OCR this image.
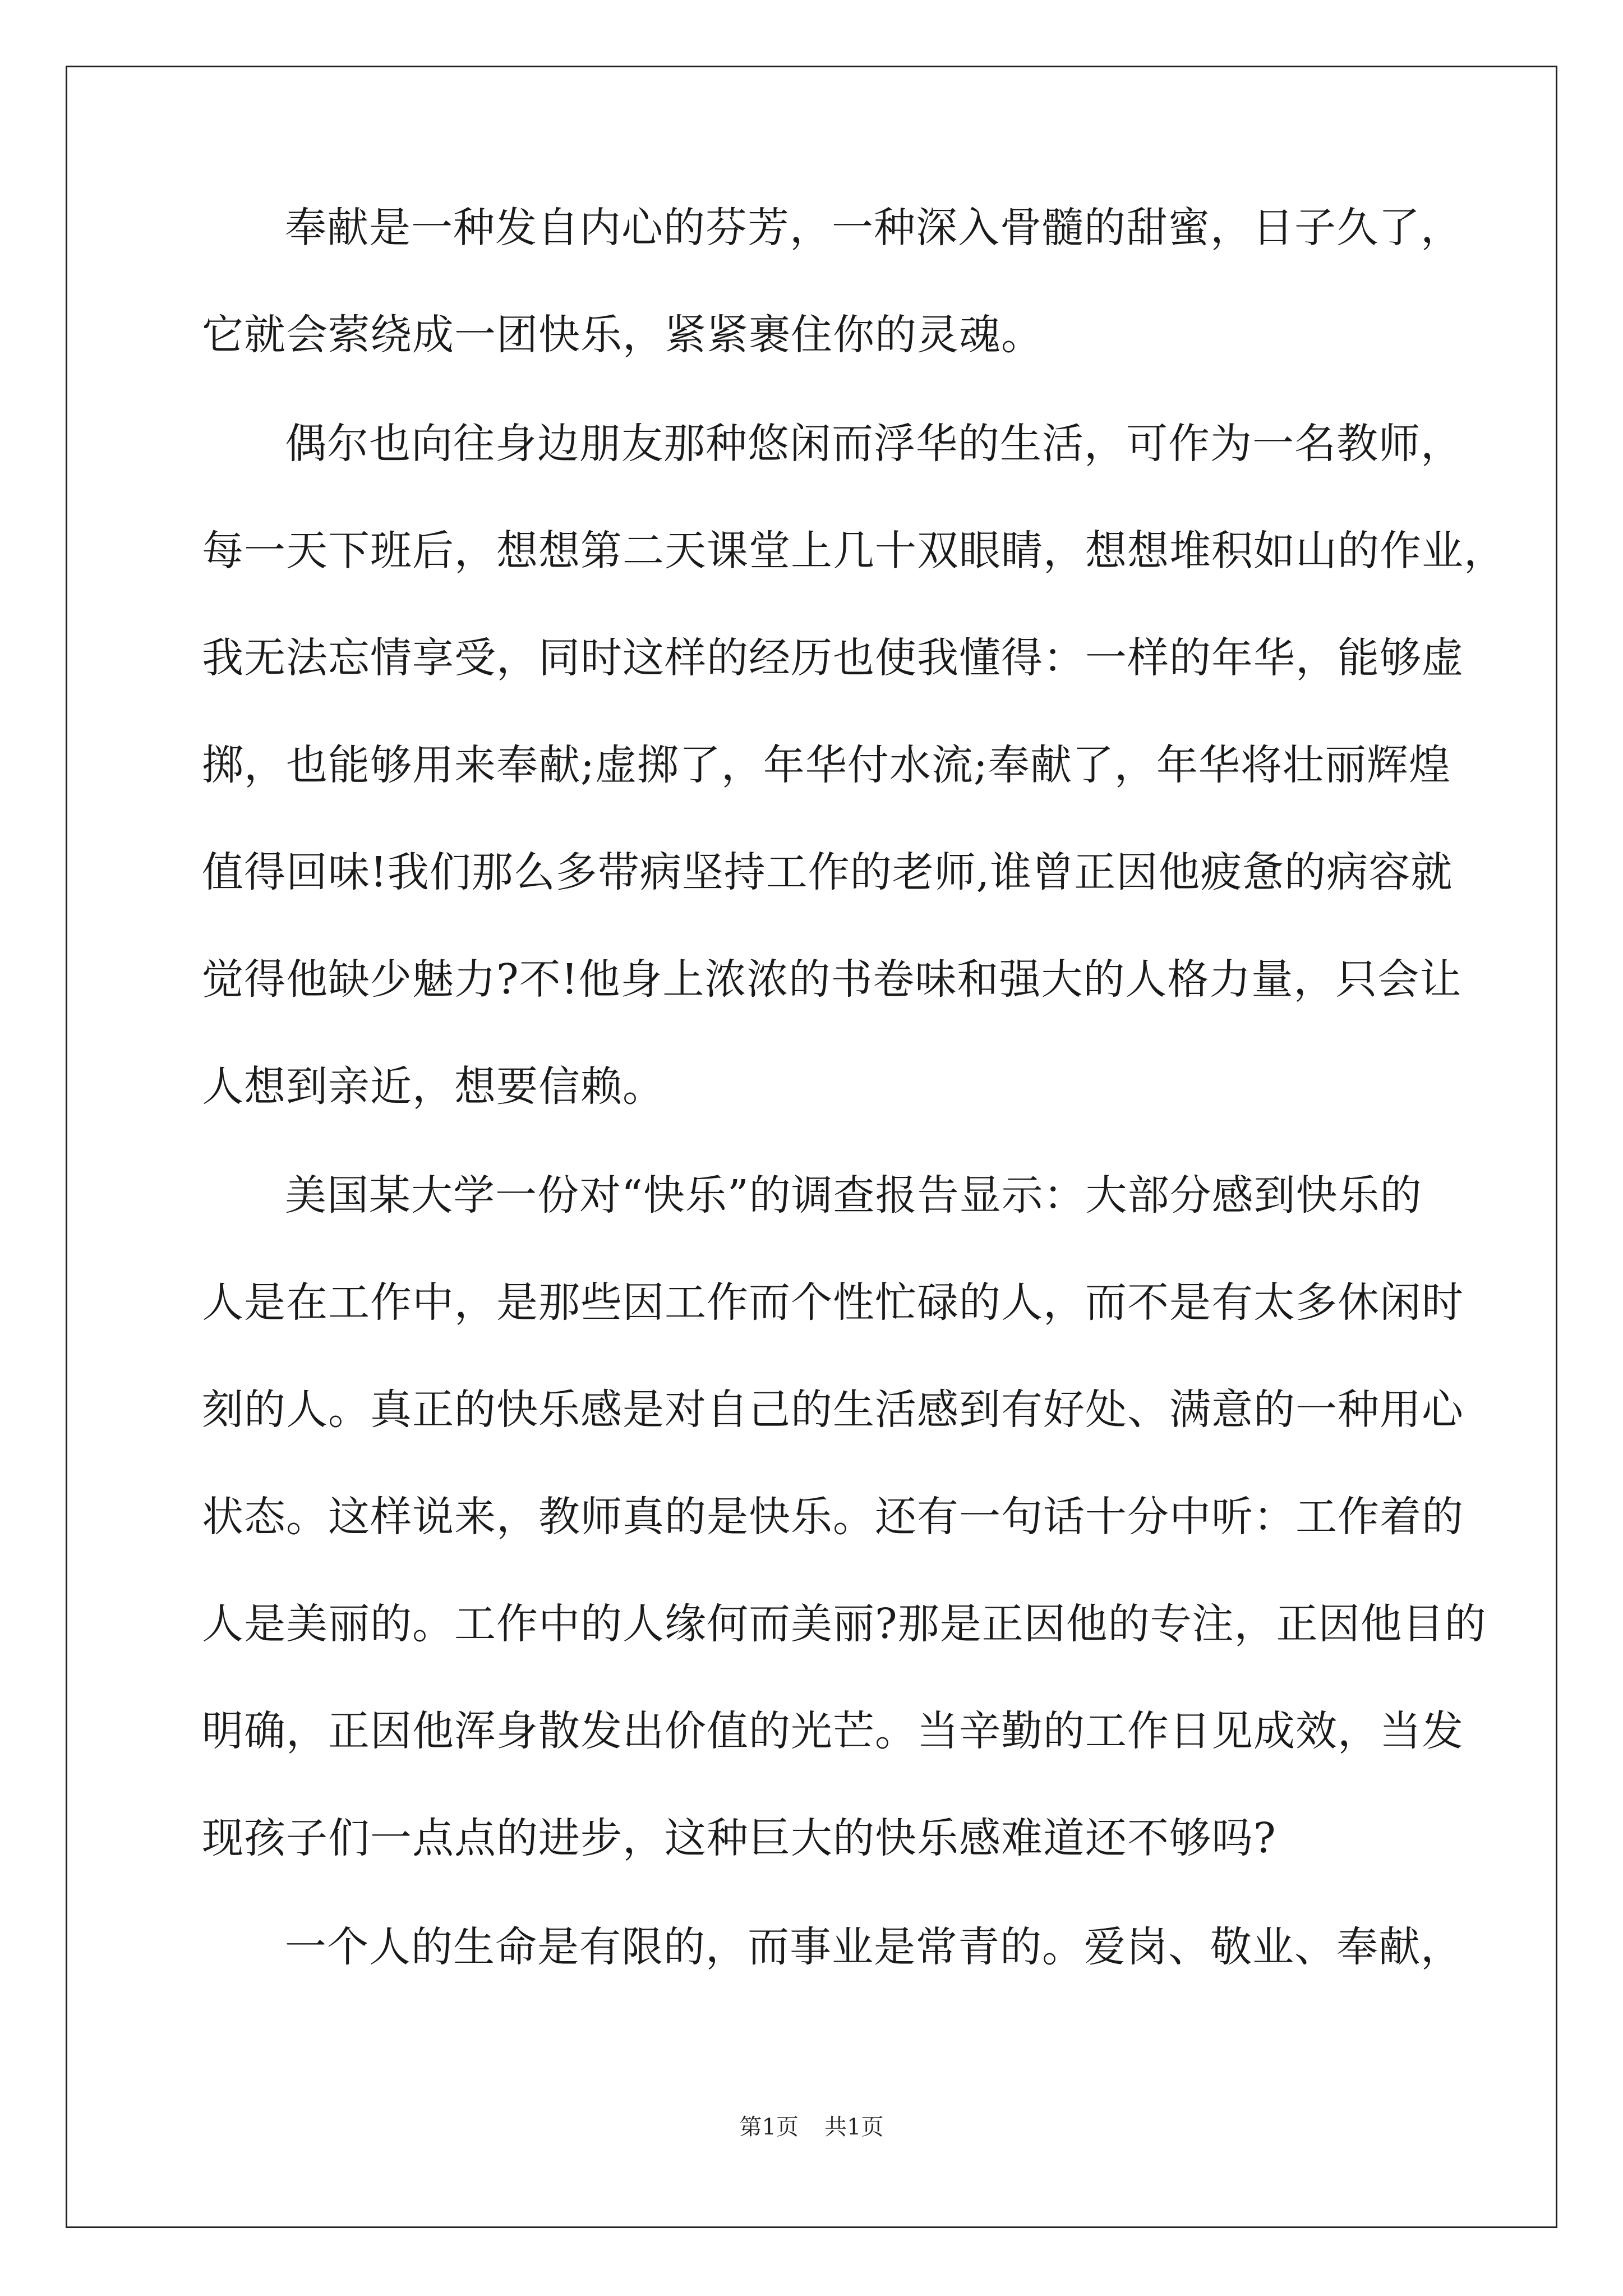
奉献是一种发自内心的芬芳，一种深入骨髓的甜蜜，日子久了，

它就会萦绕成一团快乐，紧紧裹住你的灵魂。

偶尔也向往身边朋友那种悠闲而浮华的生活，可作为一名教师，

每一天下班后，想想第二天课堂上几十双眼睛，想想堆积如山的作业，

我无法忘情享受，同时这样的经历也使我懂得：一样的年华，能够虚

掷，也能够用来奉献;虚掷了，年华付水流;奉献了，年华将壮丽辉煌

值得回味!我们那么多带病坚持工作的老师,谁曾正因他疲惫的病容就

觉得他缺少魅力?不!他身上浓浓的书卷味和强大的人格力量，只会让

人想到亲近，想要信赖。

美国某大学一份对“快乐”的调查报告显示：大部分感到快乐的

人是在工作中，是那些因工作而个性忙碌的人，而不是有太多休闲时

刻的人。真正的快乐感是对自己的生活感到有好处、满意的一种用心

状态。这样说来，教师真的是快乐。还有一句话十分中听：工作着的

人是美丽的。工作中的人缘何而美丽?那是正因他的专注，正因他目的

明确，正因他浑身散发出价值的光芒。当辛勤的工作日见成效，当发

现孩子们一点点的进步，这种巨大的快乐感难道还不够吗?

一个人的生命是有限的，而事业是常青的。爱岗、敬业、奉献，

第1页 共1页
